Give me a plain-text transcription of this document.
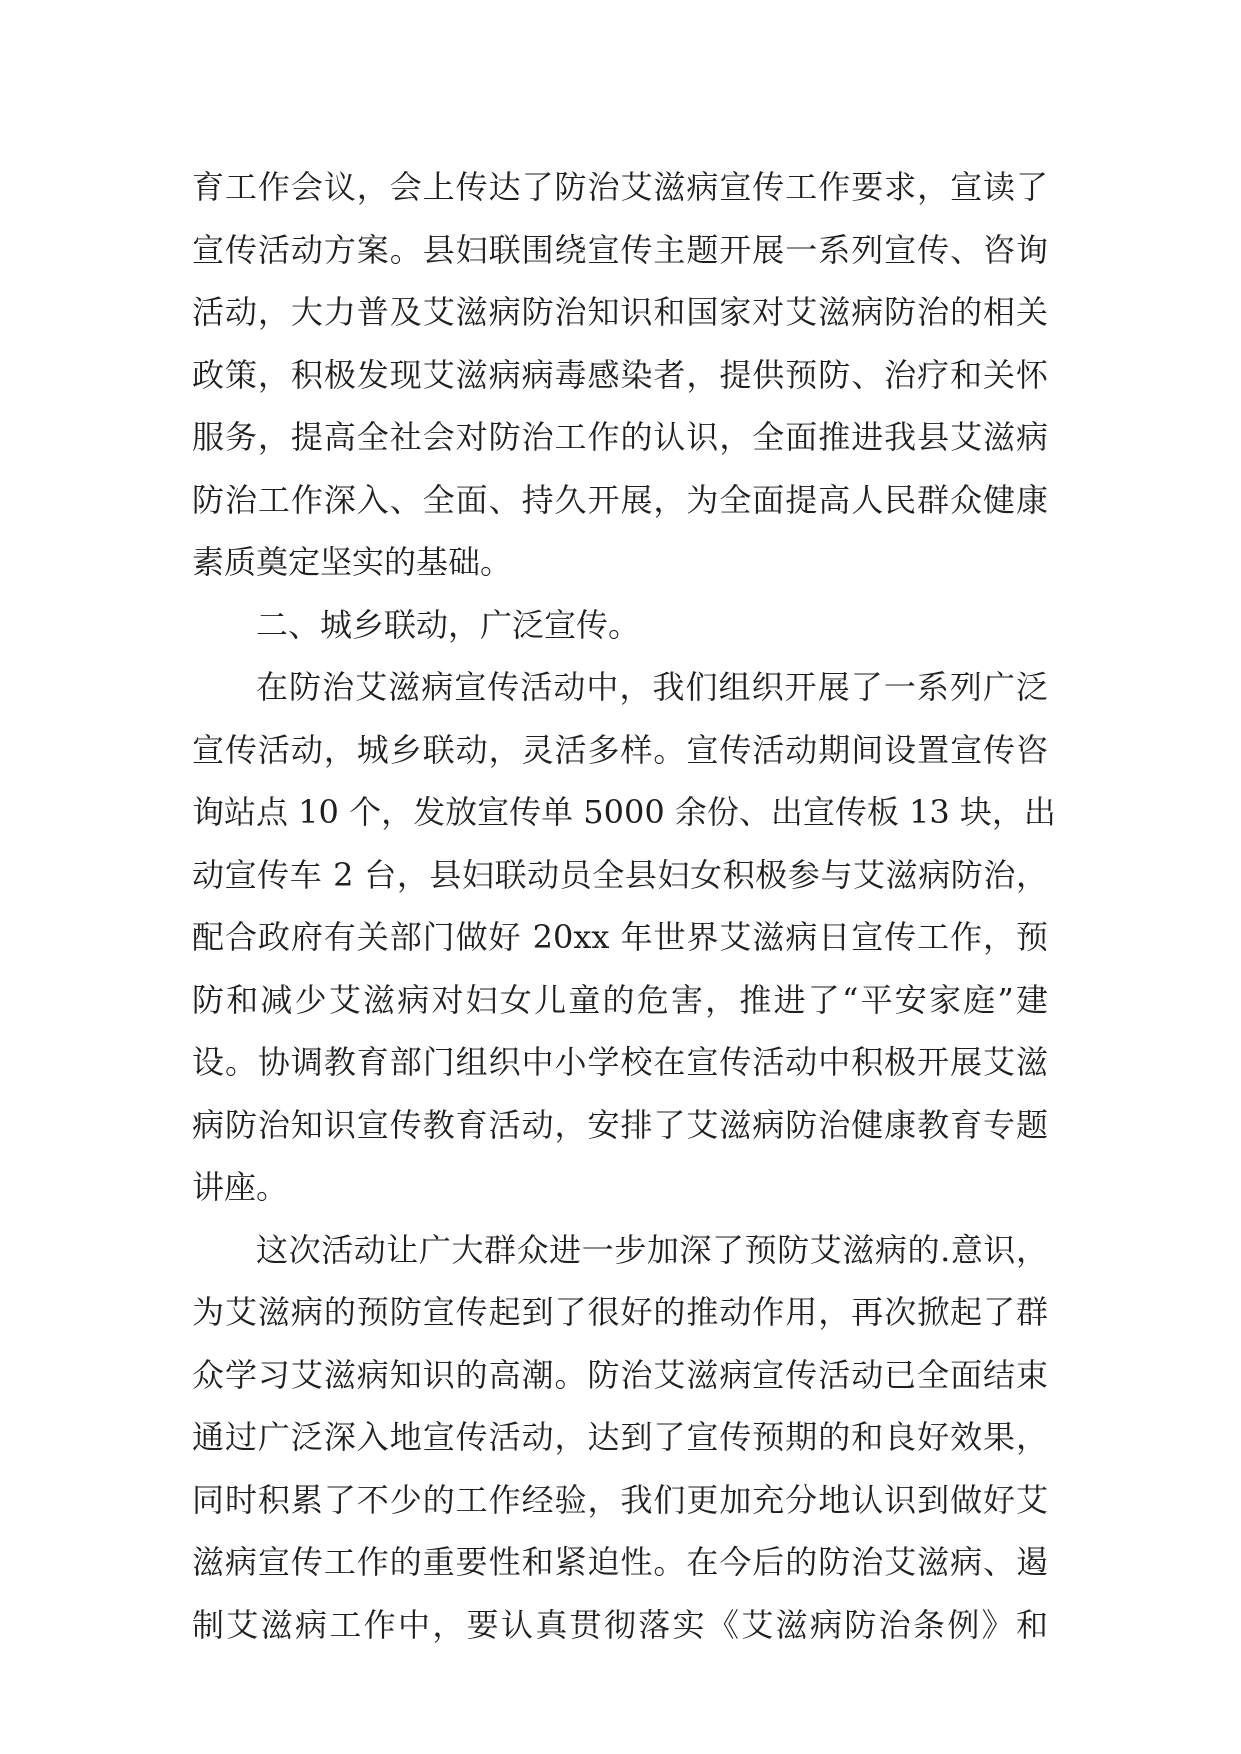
育工作会议，会上传达了防治艾滋病宣传工作要求，宣读了
宣传活动方案。县妇联围绕宣传主题开展一系列宣传、咨询
活动，大力普及艾滋病防治知识和国家对艾滋病防治的相关
政策，积极发现艾滋病病毒感染者，提供预防、治疗和关怀
服务，提高全社会对防治工作的认识，全面推进我县艾滋病
防治工作深入、全面、持久开展，为全面提高人民群众健康
素质奠定坚实的基础。
二、城乡联动，广泛宣传。
在防治艾滋病宣传活动中，我们组织开展了一系列广泛
宣传活动，城乡联动，灵活多样。宣传活动期间设置宣传咨
询站点 10 个，发放宣传单 5000 余份、出宣传板 13 块，出
动宣传车 2 台，县妇联动员全县妇女积极参与艾滋病防治，
配合政府有关部门做好 20xx 年世界艾滋病日宣传工作，预
防和减少艾滋病对妇女儿童的危害，推进了“平安家庭”建
设。协调教育部门组织中小学校在宣传活动中积极开展艾滋
病防治知识宣传教育活动，安排了艾滋病防治健康教育专题
讲座。
这次活动让广大群众进一步加深了预防艾滋病的.意识，
为艾滋病的预防宣传起到了很好的推动作用，再次掀起了群
众学习艾滋病知识的高潮。防治艾滋病宣传活动已全面结束
通过广泛深入地宣传活动，达到了宣传预期的和良好效果，
同时积累了不少的工作经验，我们更加充分地认识到做好艾
滋病宣传工作的重要性和紧迫性。在今后的防治艾滋病、遏
制艾滋病工作中，要认真贯彻落实《艾滋病防治条例》和
